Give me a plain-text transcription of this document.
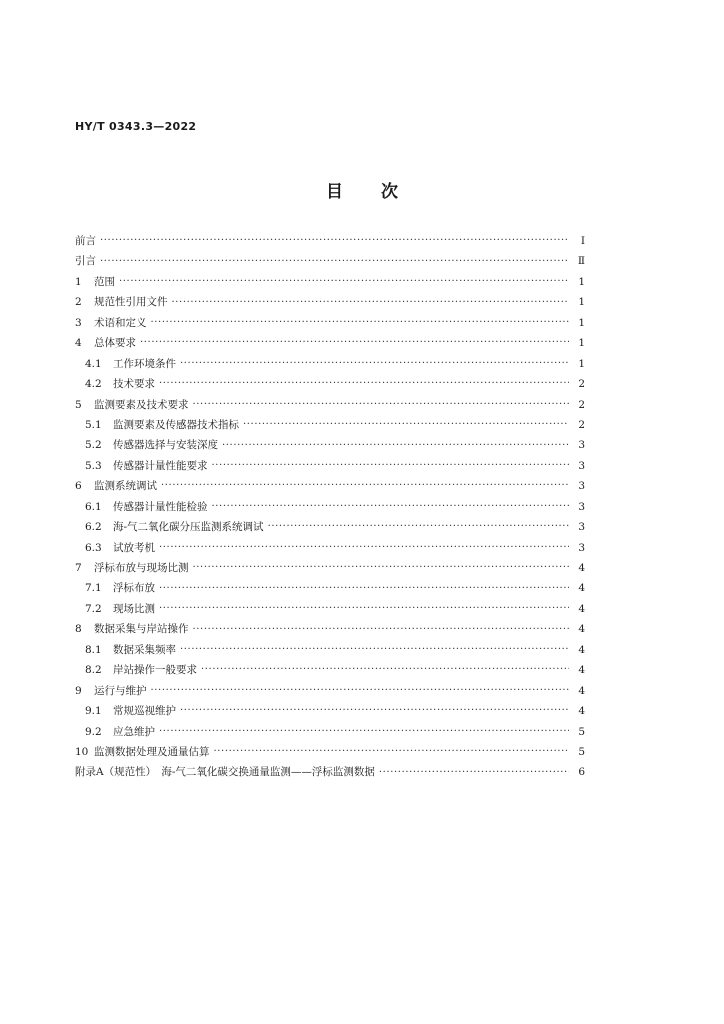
HY/T 0343.3—2022
目次
前言 ·····	Ⅰ
引言 ·····	Ⅱ
1	范围 ·····	1
2	规范性引用文件 ·····	1
3	术语和定义 ·····	1
4	总体要求 ·····	1
4.1	工作环境条件 ·····	1
4.2	技术要求 ·····	2
5	监测要素及技术要求 ·····	2
5.1	监测要素及传感器技术指标 ·····	2
5.2	传感器选择与安装深度 ·····	3
5.3	传感器计量性能要求 ·····	3
6	监测系统调试 ·····	3
6.1	传感器计量性能检验 ·····	3
6.2	海-气二氧化碳分压监测系统调试 ·····	3
6.3	试放考机 ·····	3
7	浮标布放与现场比测 ·····	4
7.1	浮标布放 ·····	4
7.2	现场比测 ·····	4
8	数据采集与岸站操作 ·····	4
8.1	数据采集频率 ·····	4
8.2	岸站操作一般要求 ·····	4
9	运行与维护 ·····	4
9.1	常规巡视维护 ·····	4
9.2	应急维护 ·····	5
10 监测数据处理及通量估算 ·····	5
附录A（规范性）　海-气二氧化碳交换通量监测——浮标监测数据 ·····	6
